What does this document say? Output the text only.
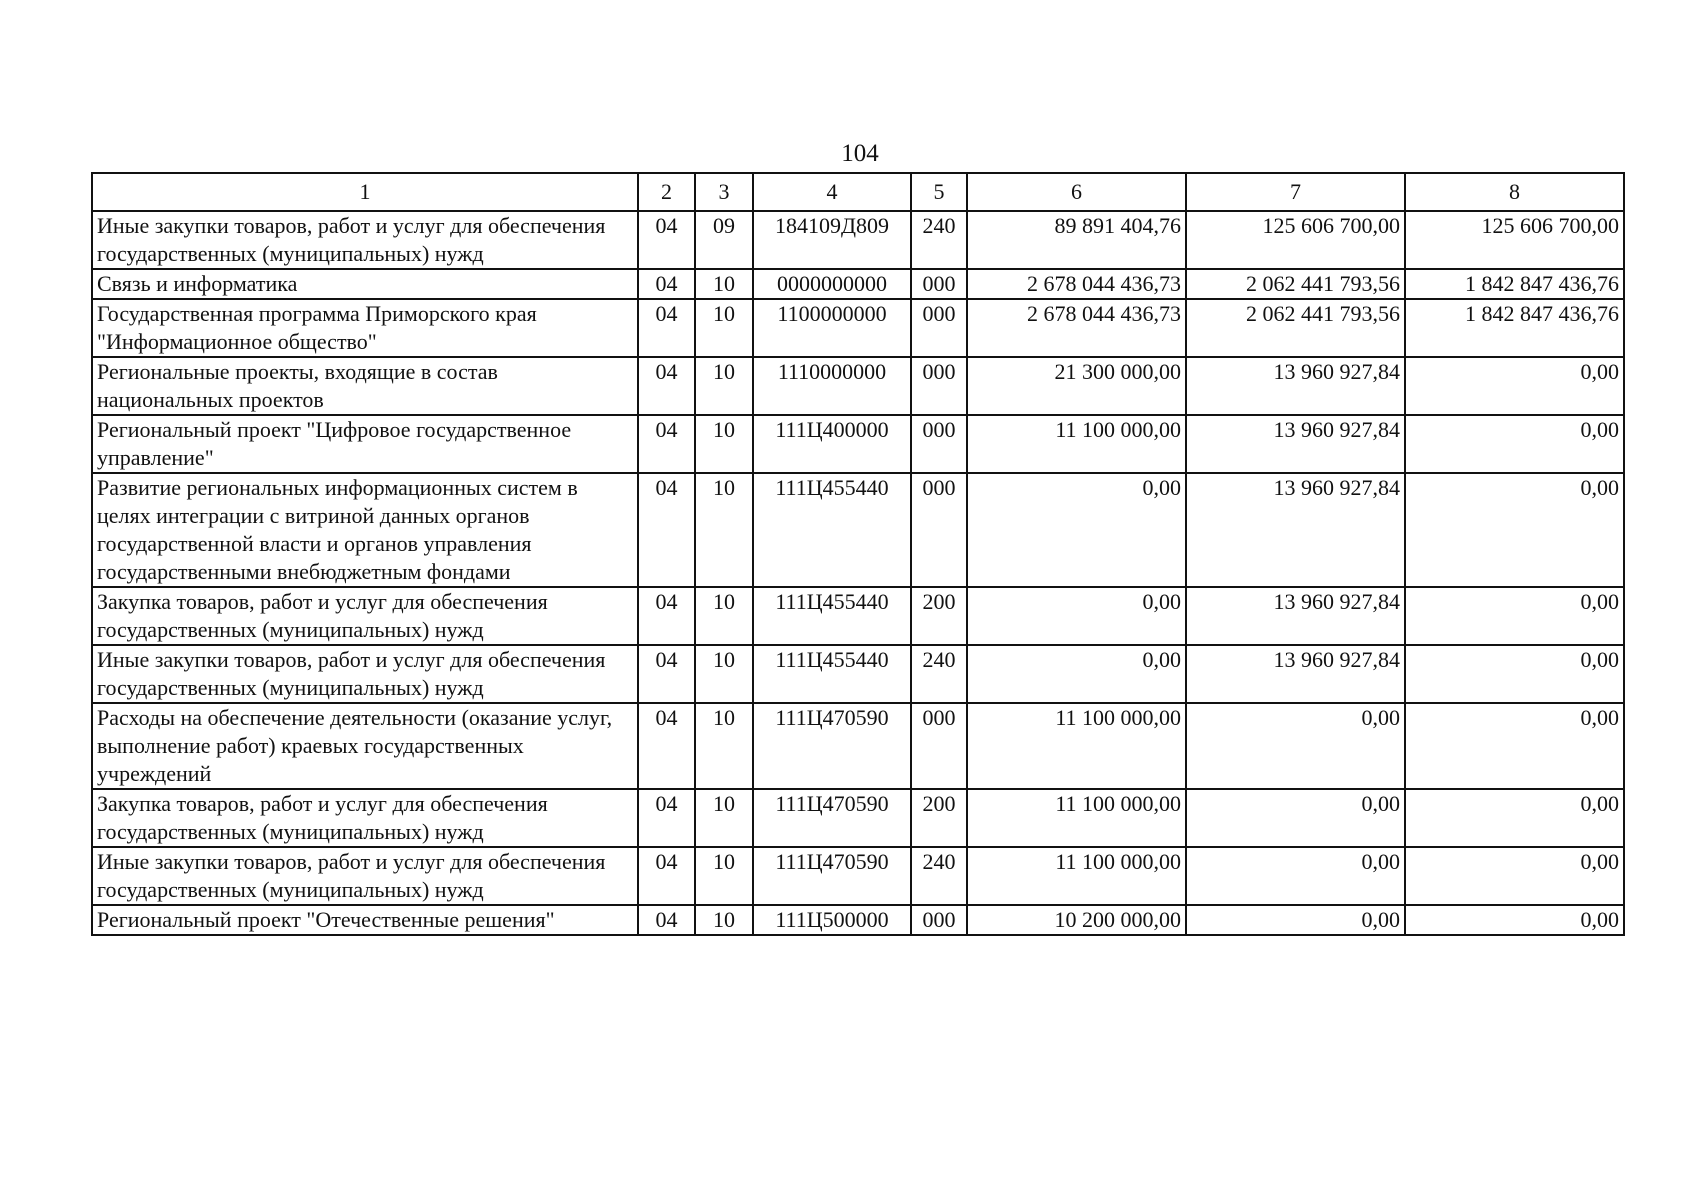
104
1	2	3	4	5	6	7	8
Иные закупки товаров, работ и услуг для обеспечения государственных (муниципальных) нужд	04	09	184109Д809	240	89 891 404,76	125 606 700,00	125 606 700,00
Связь и информатика	04	10	0000000000	000	2 678 044 436,73	2 062 441 793,56	1 842 847 436,76
Государственная программа Приморского края "Информационное общество"	04	10	1100000000	000	2 678 044 436,73	2 062 441 793,56	1 842 847 436,76
Региональные проекты, входящие в состав национальных проектов	04	10	1110000000	000	21 300 000,00	13 960 927,84	0,00
Региональный проект "Цифровое государственное управление"	04	10	111Ц400000	000	11 100 000,00	13 960 927,84	0,00
Развитие региональных информационных систем в целях интеграции с витриной данных органов государственной власти и органов управления государственными внебюджетным фондами	04	10	111Ц455440	000	0,00	13 960 927,84	0,00
Закупка товаров, работ и услуг для обеспечения государственных (муниципальных) нужд	04	10	111Ц455440	200	0,00	13 960 927,84	0,00
Иные закупки товаров, работ и услуг для обеспечения государственных (муниципальных) нужд	04	10	111Ц455440	240	0,00	13 960 927,84	0,00
Расходы на обеспечение деятельности (оказание услуг, выполнение работ) краевых государственных учреждений	04	10	111Ц470590	000	11 100 000,00	0,00	0,00
Закупка товаров, работ и услуг для обеспечения государственных (муниципальных) нужд	04	10	111Ц470590	200	11 100 000,00	0,00	0,00
Иные закупки товаров, работ и услуг для обеспечения государственных (муниципальных) нужд	04	10	111Ц470590	240	11 100 000,00	0,00	0,00
Региональный проект "Отечественные решения"	04	10	111Ц500000	000	10 200 000,00	0,00	0,00
